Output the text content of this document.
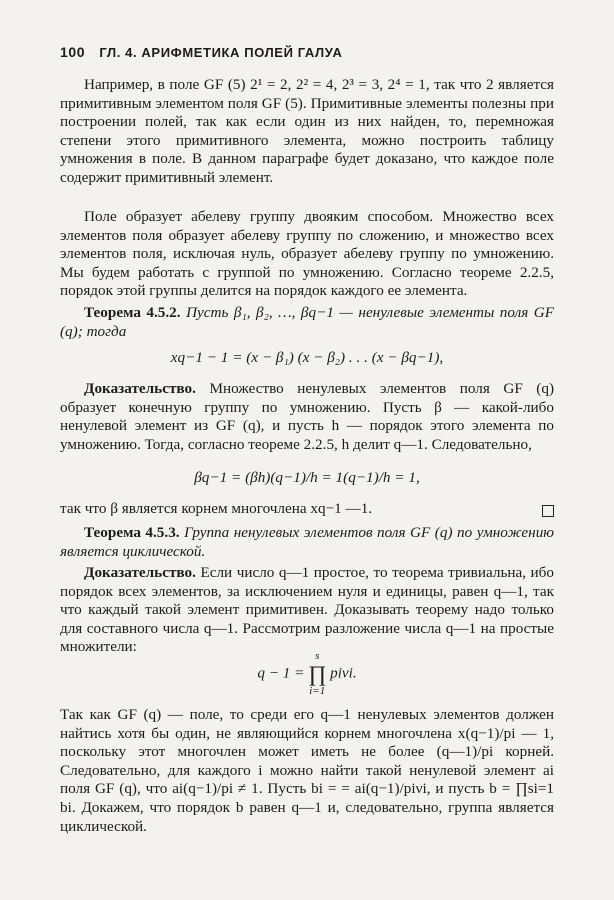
100 ГЛ. 4. АРИФМЕТИКА ПОЛЕЙ ГАЛУА
Например, в поле GF (5) 2¹ = 2, 2² = 4, 2³ = 3, 2⁴ = 1, так что 2 является примитивным элементом поля GF (5). Примитивные элементы полезны при построении полей, так как если один из них найден, то, перемножая степени этого примитивного элемента, можно построить таблицу умножения в поле. В данном параграфе будет доказано, что каждое поле содержит примитивный элемент.
Поле образует абелеву группу двояким способом. Множество всех элементов поля образует абелеву группу по сложению, и множество всех элементов поля, исключая нуль, образует абелеву группу по умножению. Мы будем работать с группой по умножению. Согласно теореме 2.2.5, порядок этой группы делится на порядок каждого ее элемента.
Теорема 4.5.2. Пусть β₁, β₂, …, βq−1 — ненулевые элементы поля GF (q); тогда
xq−1 − 1 = (x − β₁) (x − β₂) . . . (x − βq−1),
Доказательство. Множество ненулевых элементов поля GF (q) образует конечную группу по умножению. Пусть β — какой-либо ненулевой элемент из GF (q), и пусть h — порядок этого элемента по умножению. Тогда, согласно теореме 2.2.5, h делит q—1. Следовательно,
βq−1 = (βh)(q−1)/h = 1(q−1)/h = 1,
так что β является корнем многочлена xq−1 —1.
Теорема 4.5.3. Группа ненулевых элементов поля GF (q) по умножению является циклической.
Доказательство. Если число q—1 простое, то теорема тривиальна, ибо порядок всех элементов, за исключением нуля и единицы, равен q—1, так что каждый такой элемент примитивен. Доказывать теорему надо только для составного числа q—1. Рассмотрим разложение числа q—1 на простые множители:
q − 1 = s
∏
i=1 piνi.
Так как GF (q) — поле, то среди его q—1 ненулевых элементов должен найтись хотя бы один, не являющийся корнем многочлена x(q−1)/pi — 1, поскольку этот многочлен может иметь не более (q—1)/pi корней. Следовательно, для каждого i можно найти такой ненулевой элемент ai поля GF (q), что ai(q−1)/pi ≠ 1. Пусть bi = = ai(q−1)/piνi, и пусть b = ∏si=1 bi. Докажем, что порядок b равен q—1 и, следовательно, группа является циклической.
